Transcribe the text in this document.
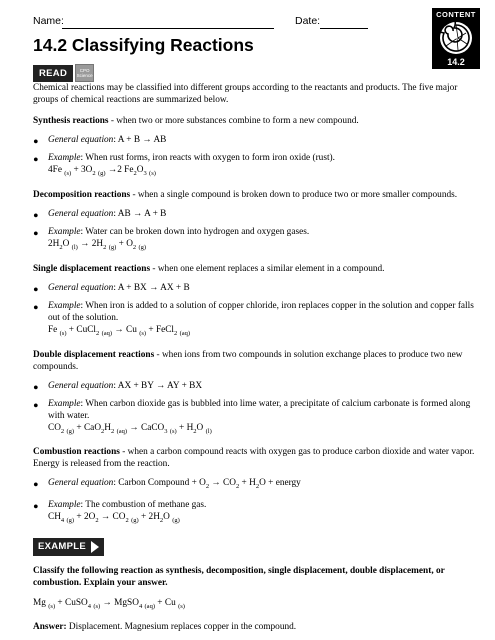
Name:	Date:
CONTENT
14.2
14.2 Classifying Reactions
READ	CPO Science

Chemical reactions may be classified into different groups according to the reactants and products. The five major groups of chemical reactions are summarized below.

Synthesis reactions - when two or more substances combine to form a new compound.

• General equation: A + B → AB

• Example: When rust forms, iron reacts with oxygen to form iron oxide (rust).

4Fe $_{(s)} + 3O_2$ $_{(g)}$ →2 $Fe_2O_3$ $_{(s)}$

Decomposition reactions - when a single compound is broken down to produce two or more smaller compounds.

• General equation: AB → A + B

• Example: Water can be broken down into hydrogen and oxygen gases.

$2H_2O$ $_{(l)} \to 2H_2$ $_{(g)} + O_2$ $_{(g)}$

Single displacement reactions - when one element replaces a similar element in a compound.

• General equation: A + BX → AX + B

• Example: When iron is added to a solution of copper chloride, iron replaces copper in the solution and copper falls out of the solution.

Fe $_{(s)}$ + CuCl$_2$ $_{(aq)}$ → Cu $_{(s)}$ + FeCl$_2$ $_{(aq)}$

Double displacement reactions - when ions from two compounds in solution exchange places to produce two new compounds.

• General equation: AX + BY → AY + BX

• Example: When carbon dioxide gas is bubbled into lime water, a precipitate of calcium carbonate is formed along with water.

$CO_2$ $_{(g)} + CaO_2H_2$ $_{(aq)}$ → CaCO$_3$ $_{(s)} + H_2O$ $_{(l)}$

Combustion reactions - when a carbon compound reacts with oxygen gas to produce carbon dioxide and water vapor. Energy is released from the reaction.

• General equation: Carbon Compound + $O_2 \to CO_2 + H_2O$ + energy

• Example: The combustion of methane gas.

$CH_4$ $_{(g)} + 2O_2 \to CO_2$ $_{(g)} + 2H_2O$ $_{(g)}$

EXAMPLE

Classify the following reaction as synthesis, decomposition, single displacement, double displacement, or combustion. Explain your answer.

Mg $_{(s)}$ + CuSO$_4$ $_{(s)}$ → MgSO$_4$ $_{(aq)}$ + Cu $_{(s)}$

Answer: Displacement. Magnesium replaces copper in the compound.
